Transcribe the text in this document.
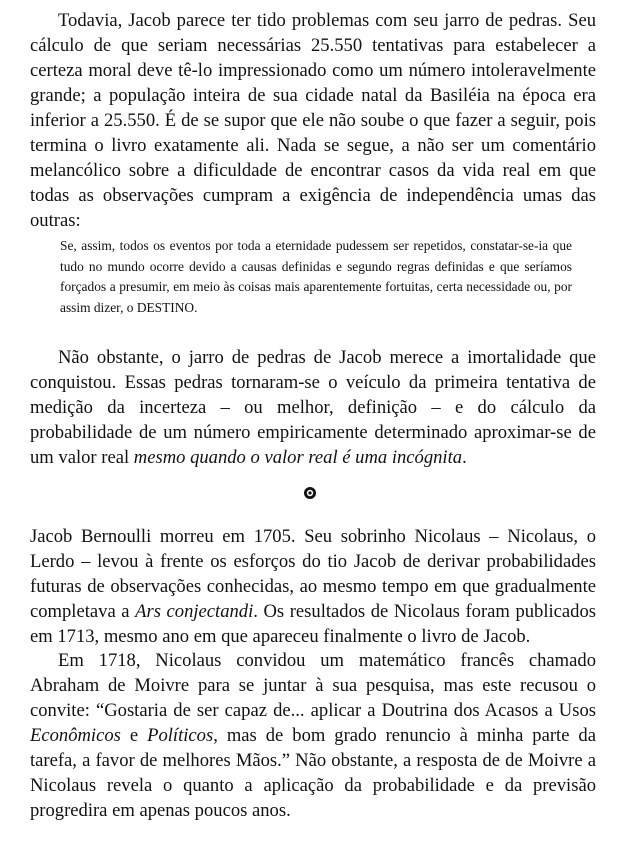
Todavia, Jacob parece ter tido problemas com seu jarro de pedras. Seu cálculo de que seriam necessárias 25.550 tentativas para estabelecer a certeza moral deve tê-lo impressionado como um número intoleravelmente grande; a população inteira de sua cidade natal da Basiléia na época era inferior a 25.550. É de se supor que ele não soube o que fazer a seguir, pois termina o livro exatamente ali. Nada se segue, a não ser um comentário melancólico sobre a dificuldade de encontrar casos da vida real em que todas as observações cumpram a exigência de independência umas das outras:

Se, assim, todos os eventos por toda a eternidade pudessem ser repetidos, constatar-se-ia que tudo no mundo ocorre devido a causas definidas e segundo regras definidas e que seríamos forçados a presumir, em meio às coisas mais aparentemente fortuitas, certa necessidade ou, por assim dizer, o DESTINO.

Não obstante, o jarro de pedras de Jacob merece a imortalidade que conquistou. Essas pedras tornaram-se o veículo da primeira tentativa de medição da incerteza – ou melhor, definição – e do cálculo da probabilidade de um número empiricamente determinado aproximar-se de um valor real mesmo quando o valor real é uma incógnita.

Jacob Bernoulli morreu em 1705. Seu sobrinho Nicolaus – Nicolaus, o Lerdo – levou à frente os esforços do tio Jacob de derivar probabilidades futuras de observações conhecidas, ao mesmo tempo em que gradualmente completava a Ars conjectandi. Os resultados de Nicolaus foram publicados em 1713, mesmo ano em que apareceu finalmente o livro de Jacob.

Em 1718, Nicolaus convidou um matemático francês chamado Abraham de Moivre para se juntar à sua pesquisa, mas este recusou o convite: “Gostaria de ser capaz de... aplicar a Doutrina dos Acasos a Usos Econômicos e Políticos, mas de bom grado renuncio à minha parte da tarefa, a favor de melhores Mãos.” Não obstante, a resposta de de Moivre a Nicolaus revela o quanto a aplicação da probabilidade e da previsão progredira em apenas poucos anos.
